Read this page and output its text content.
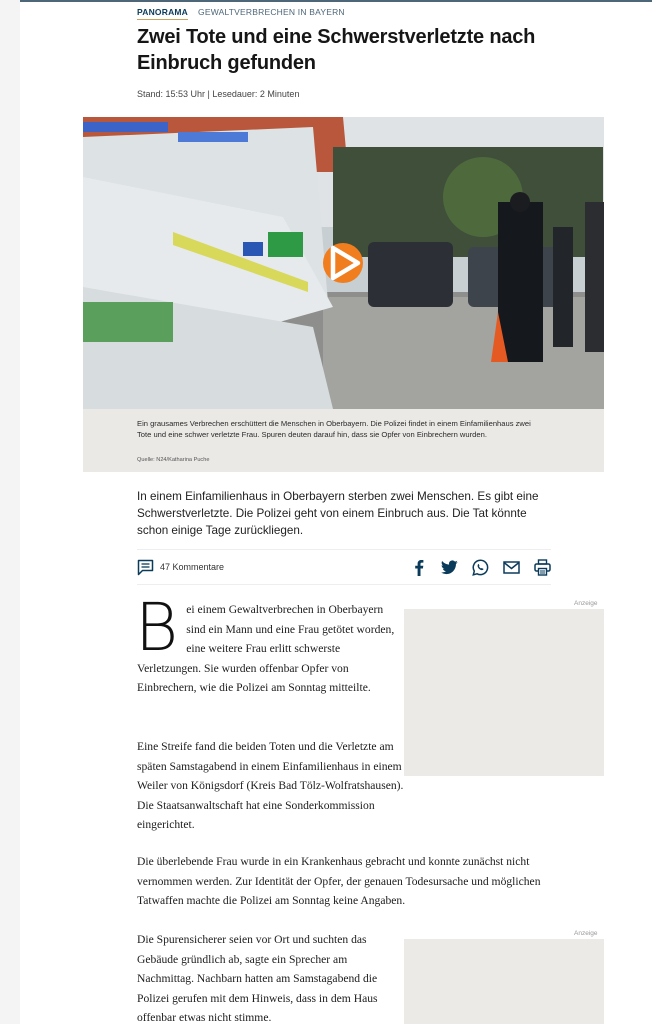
PANORAMA GEWALTVERBRECHEN IN BAYERN
Zwei Tote und eine Schwerstverletzte nach Einbruch gefunden
Stand: 15:53 Uhr | Lesedauer: 2 Minuten
Ein grausames Verbrechen erschüttert die Menschen in Oberbayern. Die Polizei findet in einem Einfamilienhaus zwei Tote und eine schwer verletzte Frau. Spuren deuten darauf hin, dass sie Opfer von Einbrechern wurden.
Quelle: N24/Katharina Puche

In einem Einfamilienhaus in Oberbayern sterben zwei Menschen. Es gibt eine Schwerstverletzte. Die Polizei geht von einem Einbruch aus. Die Tat könnte schon einige Tage zurückliegen.

47 Kommentare

Bei einem Gewaltverbrechen in Oberbayern sind ein Mann und eine Frau getötet worden, eine weitere Frau erlitt schwerste Verletzungen. Sie wurden offenbar Opfer von Einbrechern, wie die Polizei am Sonntag mitteilte.

Eine Streife fand die beiden Toten und die Verletzte am späten Samstagabend in einem Einfamilienhaus in einem Weiler von Königsdorf (Kreis Bad Tölz-Wolfratshausen). Die Staatsanwaltschaft hat eine Sonderkommission eingerichtet.

Die überlebende Frau wurde in ein Krankenhaus gebracht und konnte zunächst nicht vernommen werden. Zur Identität der Opfer, der genauen Todesursache und möglichen Tatwaffen machte die Polizei am Sonntag keine Angaben.

Die Spurensicherer seien vor Ort und suchten das Gebäude gründlich ab, sagte ein Sprecher am Nachmittag. Nachbarn hatten am Samstagabend die Polizei gerufen mit dem Hinweis, dass in dem Haus offenbar etwas nicht stimme.

Anzeige
Anzeige
